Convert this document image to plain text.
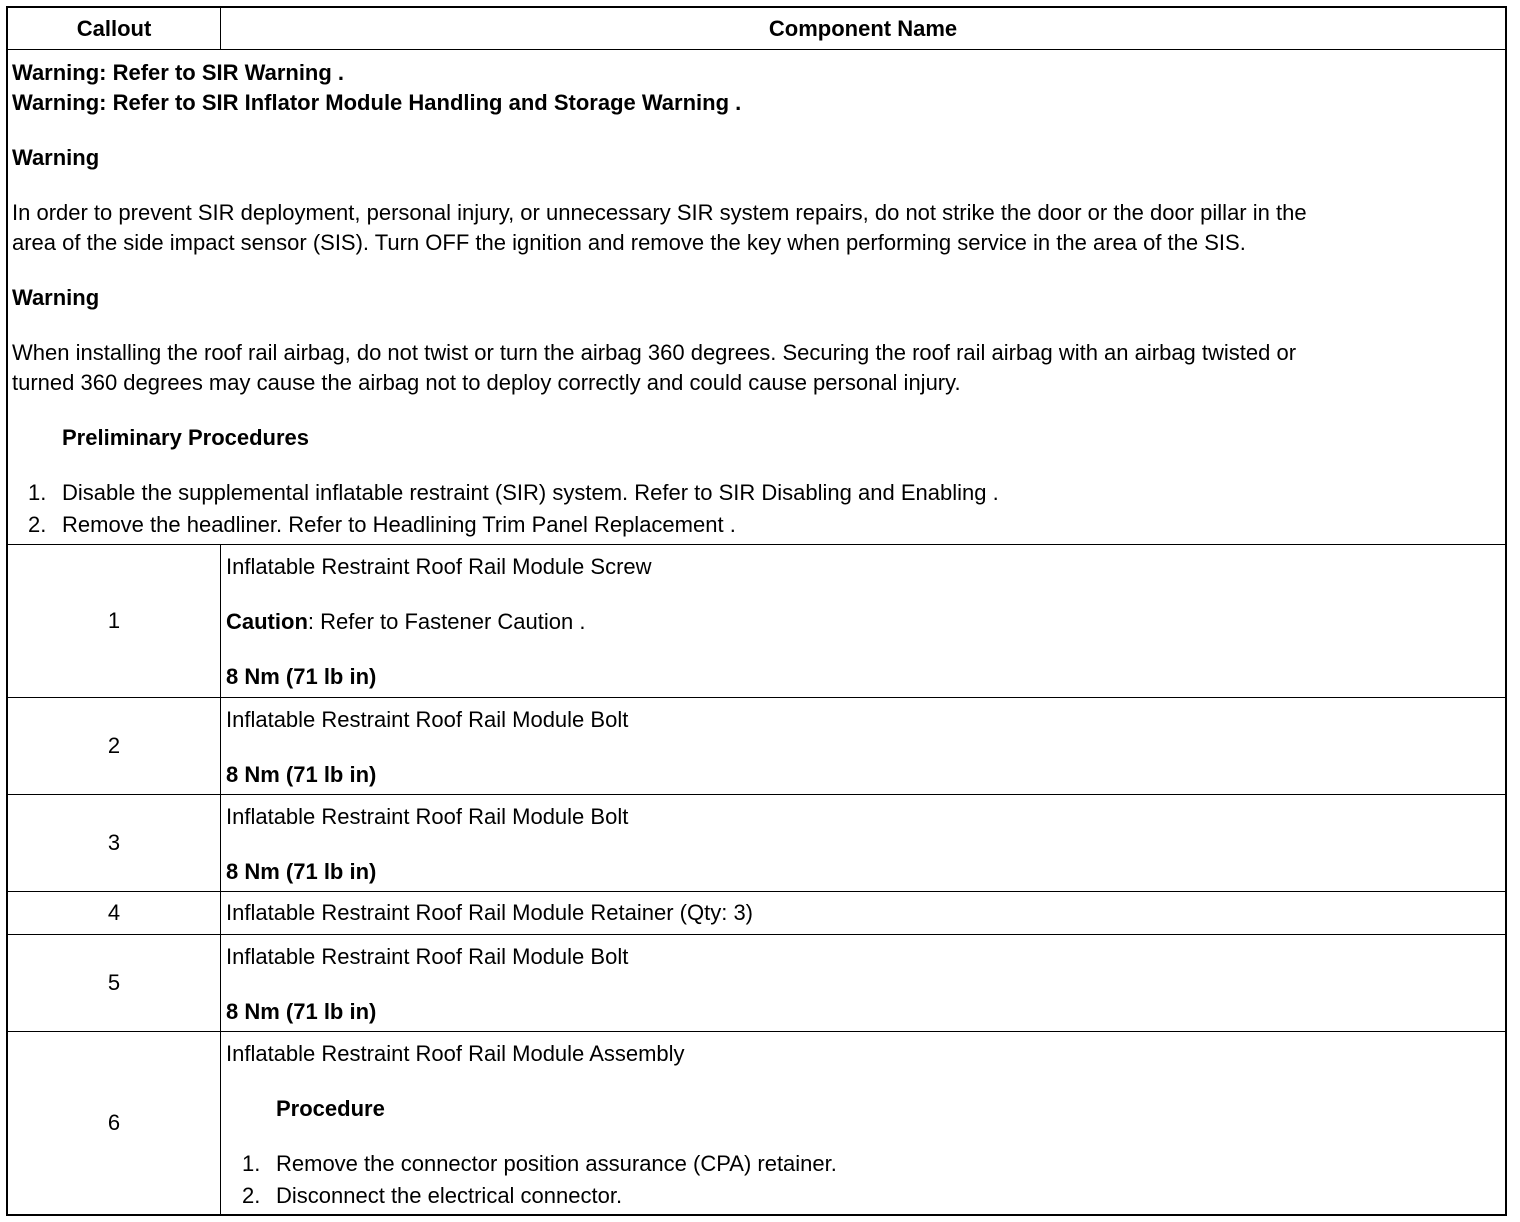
Callout	Component Name
Warning: Refer to SIR Warning .
Warning: Refer to SIR Inflator Module Handling and Storage Warning .
Warning
In order to prevent SIR deployment, personal injury, or unnecessary SIR system repairs, do not strike the door or the door pillar in the
area of the side impact sensor (SIS). Turn OFF the ignition and remove the key when performing service in the area of the SIS.
Warning
When installing the roof rail airbag, do not twist or turn the airbag 360 degrees. Securing the roof rail airbag with an airbag twisted or
turned 360 degrees may cause the airbag not to deploy correctly and could cause personal injury.
Preliminary Procedures
1. Disable the supplemental inflatable restraint (SIR) system. Refer to SIR Disabling and Enabling .
2. Remove the headliner. Refer to Headlining Trim Panel Replacement .
1
Inflatable Restraint Roof Rail Module Screw
Caution: Refer to Fastener Caution .
8 Nm (71 lb in)
2
Inflatable Restraint Roof Rail Module Bolt
8 Nm (71 lb in)
3
Inflatable Restraint Roof Rail Module Bolt
8 Nm (71 lb in)
4	Inflatable Restraint Roof Rail Module Retainer (Qty: 3)
5
Inflatable Restraint Roof Rail Module Bolt
8 Nm (71 lb in)
6
Inflatable Restraint Roof Rail Module Assembly
Procedure
1. Remove the connector position assurance (CPA) retainer.
2. Disconnect the electrical connector.
